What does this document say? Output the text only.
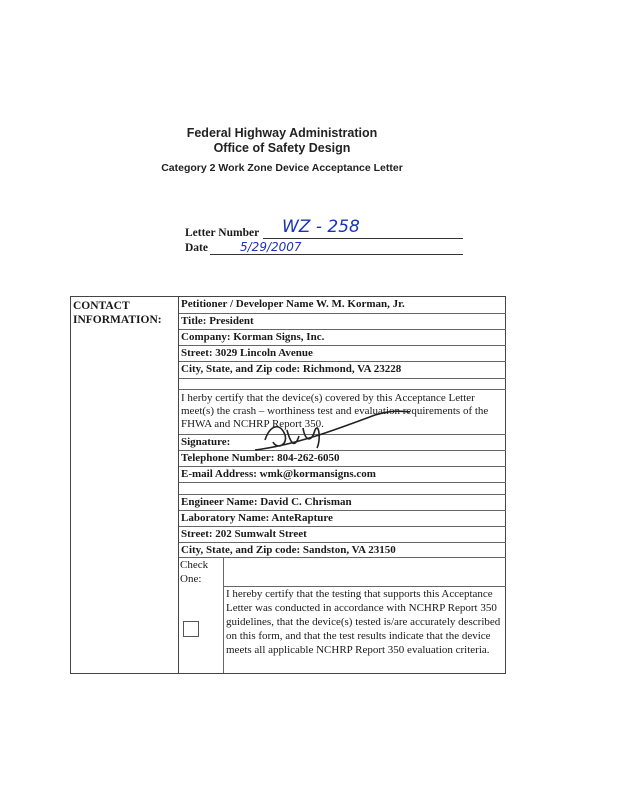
Federal Highway Administration
Office of Safety Design
Category 2 Work Zone Device Acceptance Letter
Letter Number WZ - 258
Date	5/29/2007
CONTACT
INFORMATION:
Petitioner / Developer Name W. M. Korman, Jr.
Title: President
Company: Korman Signs, Inc.
Street: 3029 Lincoln Avenue
City, State, and Zip code: Richmond, VA 23228
I herby certify that the device(s) covered by this Acceptance Letter meet(s) the crash – worthiness test and evaluation requirements of the FHWA and NCHRP Report 350.
Signature:
Telephone Number: 804-262-6050
E-mail Address: wmk@kormansigns.com
Engineer Name: David C. Chrisman
Laboratory Name: AnteRapture
Street: 202 Sumwalt Street
City, State, and Zip code: Sandston, VA 23150
Check
One:
I hereby certify that the testing that supports this Acceptance Letter was conducted in accordance with NCHRP Report 350 guidelines, that the device(s) tested is/are accurately described on this form, and that the test results indicate that the device meets all applicable NCHRP Report 350 evaluation criteria.
